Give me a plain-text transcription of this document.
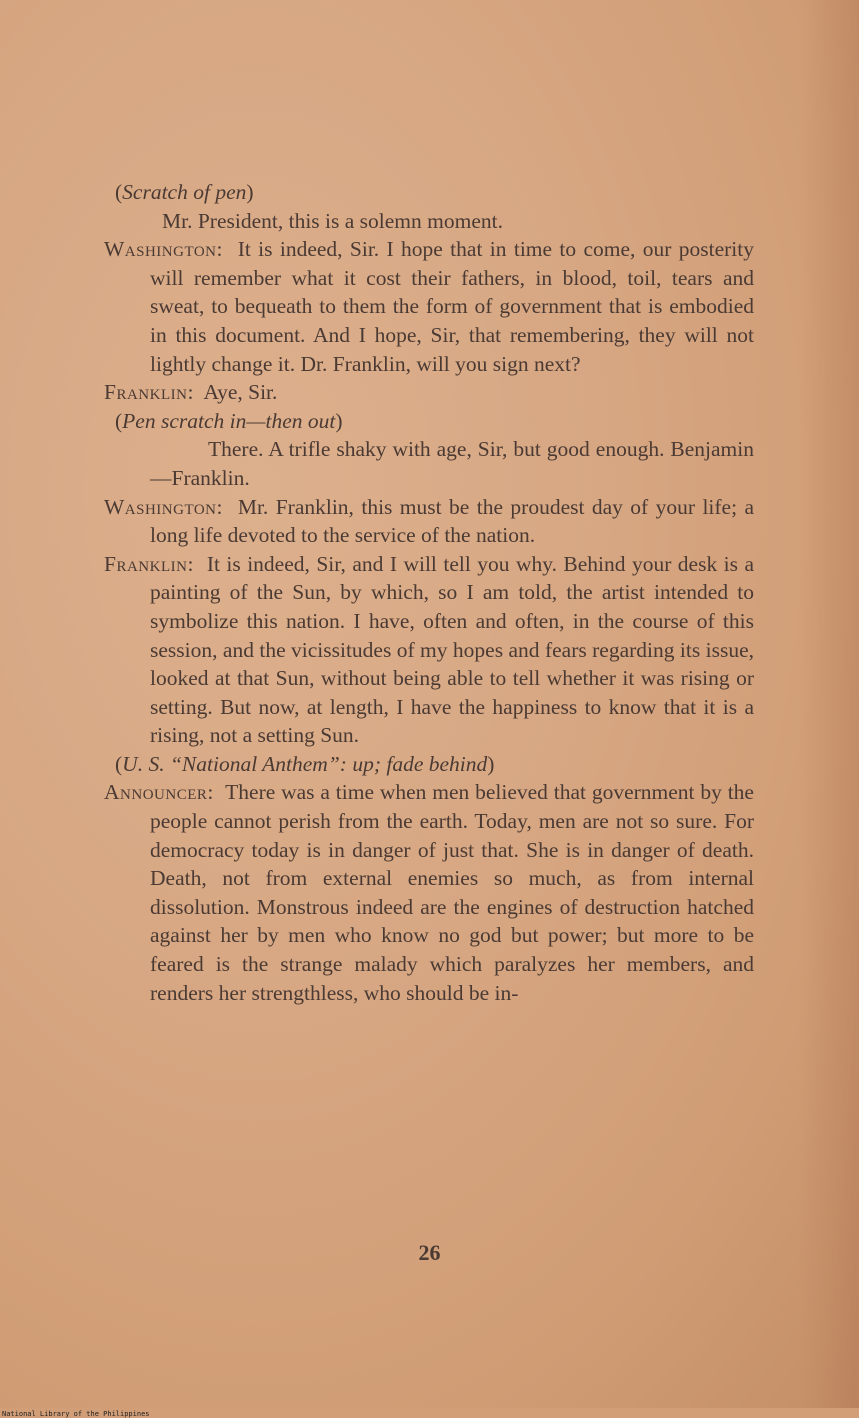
(Scratch of pen)

Mr. President, this is a solemn moment.

Washington: It is indeed, Sir. I hope that in time to come, our posterity will remember what it cost their fathers, in blood, toil, tears and sweat, to bequeath to them the form of government that is embodied in this document. And I hope, Sir, that remembering, they will not lightly change it. Dr. Franklin, will you sign next?

Franklin: Aye, Sir.

(Pen scratch in—then out)

There. A trifle shaky with age, Sir, but good enough. Benjamin—Franklin.

Washington: Mr. Franklin, this must be the proudest day of your life; a long life devoted to the service of the nation.

Franklin: It is indeed, Sir, and I will tell you why. Behind your desk is a painting of the Sun, by which, so I am told, the artist intended to symbolize this nation. I have, often and often, in the course of this session, and the vicissitudes of my hopes and fears regarding its issue, looked at that Sun, without being able to tell whether it was rising or setting. But now, at length, I have the happiness to know that it is a rising, not a setting Sun.

(U. S. “National Anthem”: up; fade behind)

Announcer: There was a time when men believed that government by the people cannot perish from the earth. Today, men are not so sure. For democracy today is in danger of just that. She is in danger of death. Death, not from external enemies so much, as from internal dissolution. Monstrous indeed are the engines of destruction hatched against her by men who know no god but power; but more to be feared is the strange malady which paralyzes her members, and renders her strengthless, who should be in-

26
National Library of the Philippines
